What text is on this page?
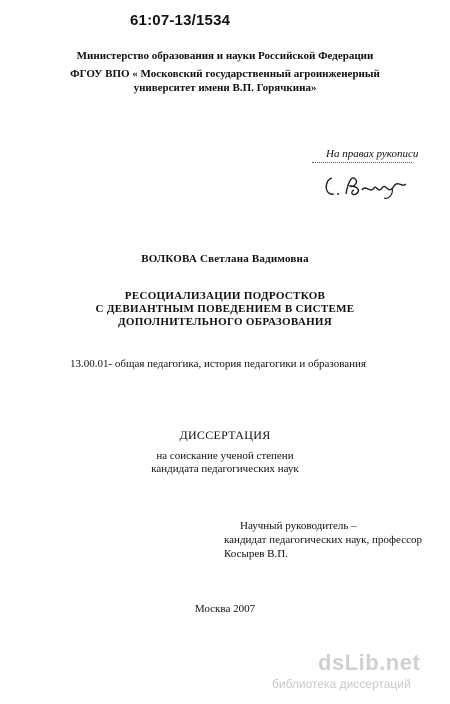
61:07-13/1534
Министерство образования и науки Российской Федерации
ФГОУ ВПО « Московский государственный агроинженерный
университет имени В.П. Горячкина»
На правах рукописи
ВОЛКОВА Светлана Вадимовна
РЕСОЦИАЛИЗАЦИИ ПОДРОСТКОВ
С ДЕВИАНТНЫМ ПОВЕДЕНИЕМ В СИСТЕМЕ
ДОПОЛНИТЕЛЬНОГО ОБРАЗОВАНИЯ
13.00.01- общая педагогика, история педагогики и образования
ДИССЕРТАЦИЯ
на соискание ученой степени
кандидата педагогических наук
Научный руководитель –
кандидат педагогических наук, профессор
Косырев В.П.
Москва 2007
dsLib.net
библиотека диссертаций
